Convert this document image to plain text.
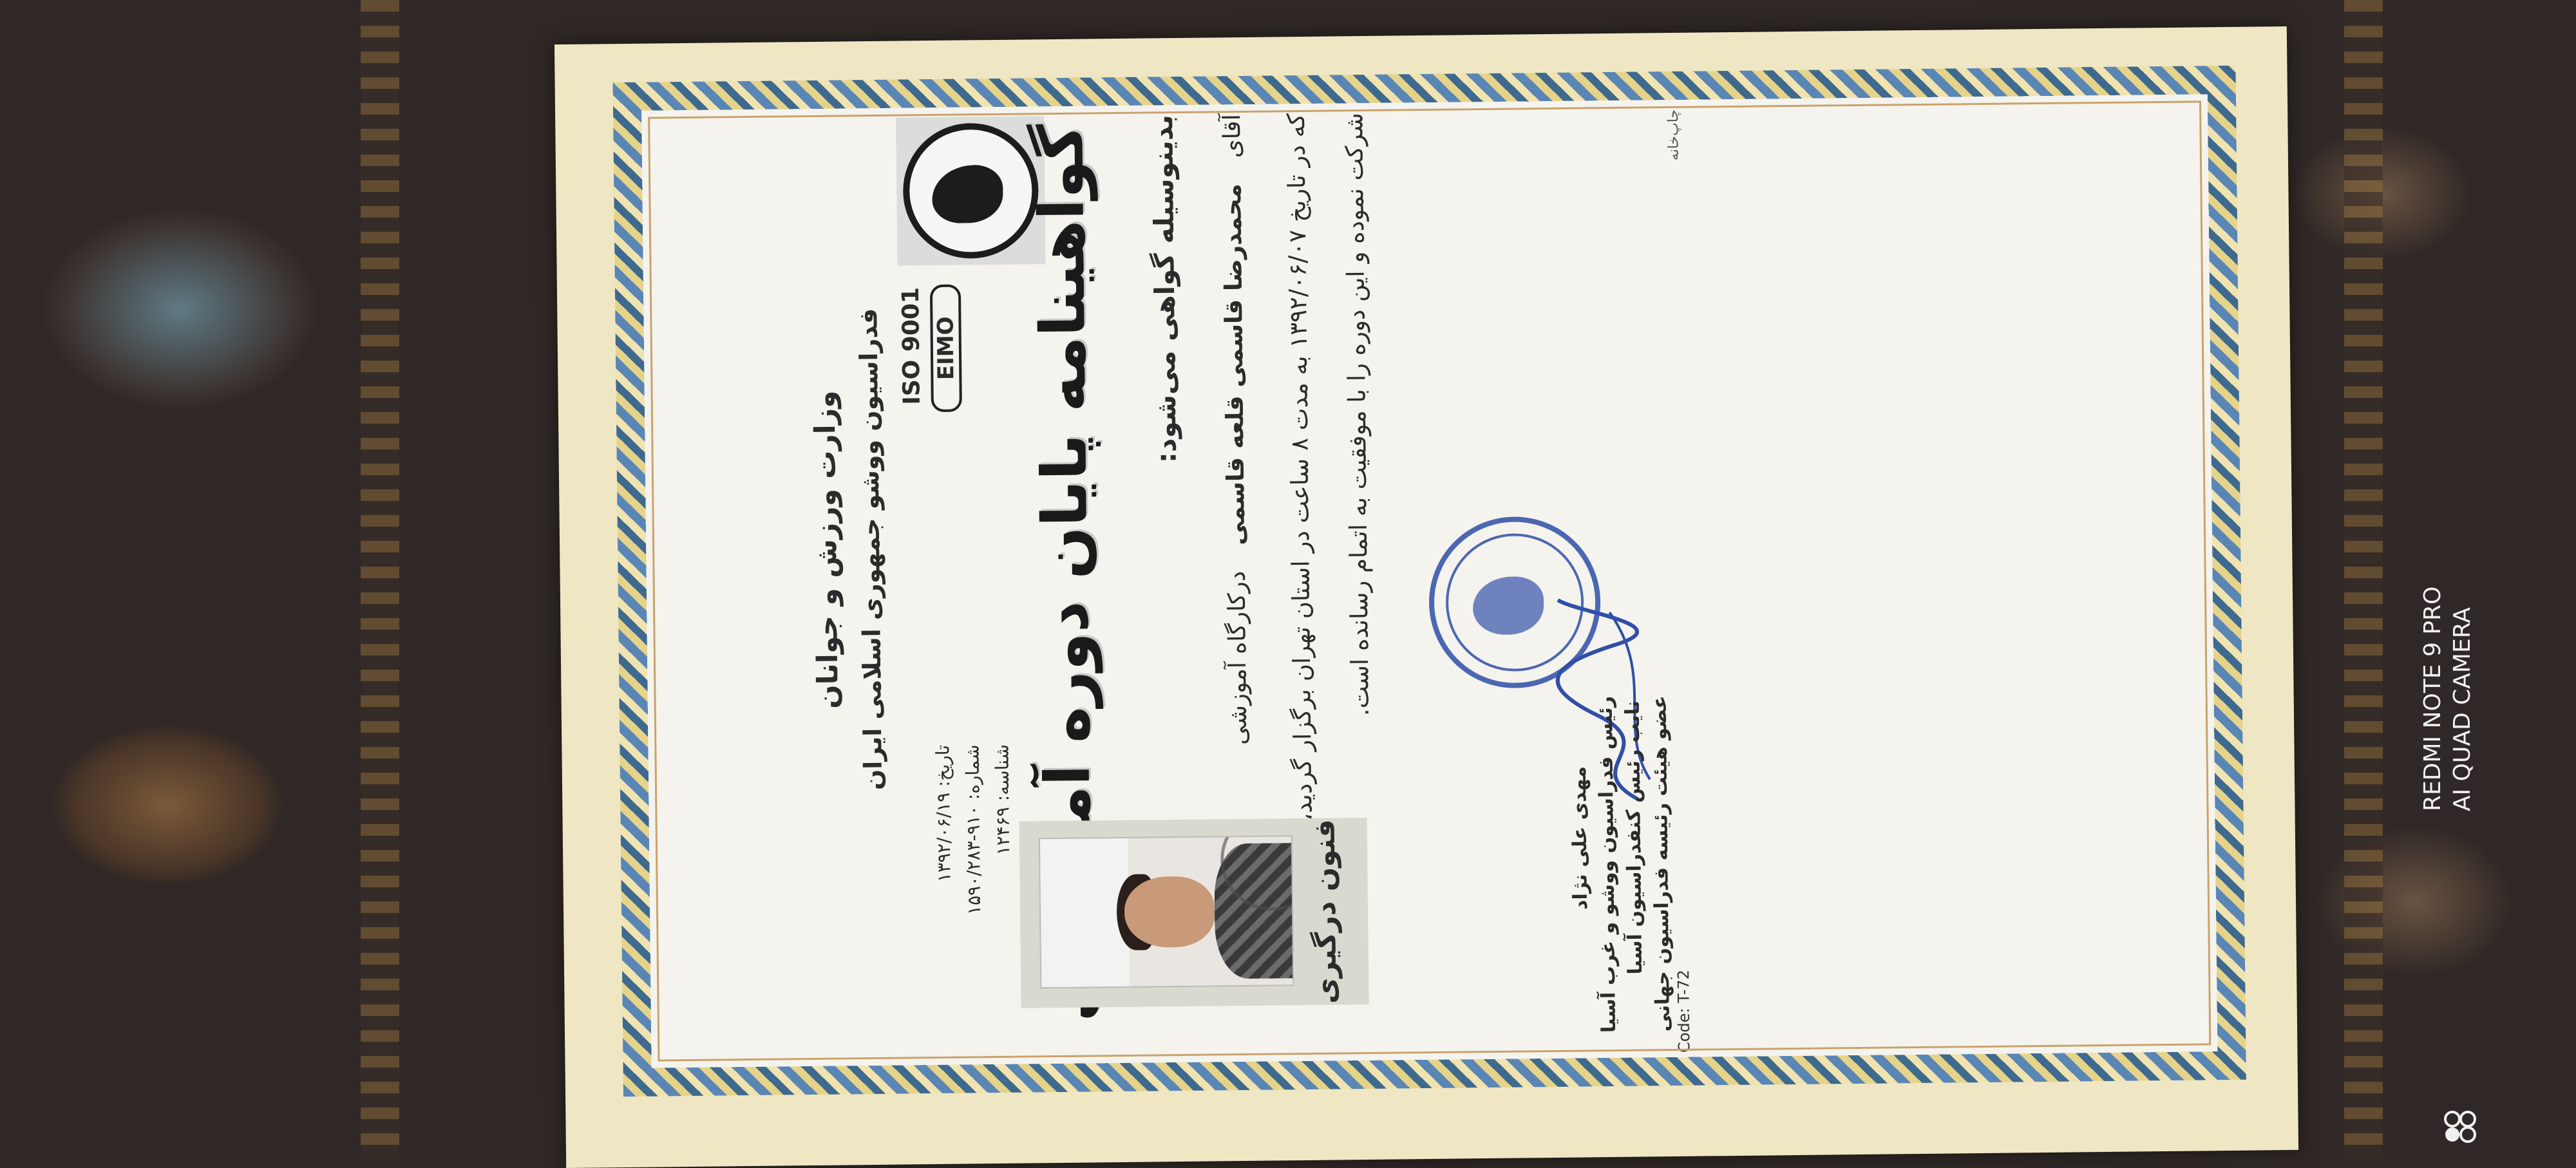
وزارت ورزش و جوانان فدراسیون ووشو جمهوری اسلامی ایران
تاریخ: ۱۳۹۲/۰۶/۱۹
شماره: ۹۱۰-۱۵۹۰/۲۸۳
شناسه: ۱۲۴۶۹
ISO 9001 EIMO گواهینامه پایان دوره آموزشی	فنون درگیری
بدینوسیله گواهی می‌شود: آقایمحمدرضا قاسمی قلعه قاسمیدرکارگاه آموزشی
که در تاریخ ۱۳۹۲/۰۶/۰۷ به مدت ۸ ساعت در استان تهران برگزار گردید،
شرکت نموده و این دوره را با موفقیت به اتمام رسانده است.
مهدی علی نژاد رئیس فدراسیون ووشو و غرب آسیا نایب رئیس کنفدراسیون آسیا عضو هیئت رئیسه فدراسیون جهانی Code: T-72
چاپ‌خانه
REDMI NOTE 9 PRO AI QUAD CAMERA
